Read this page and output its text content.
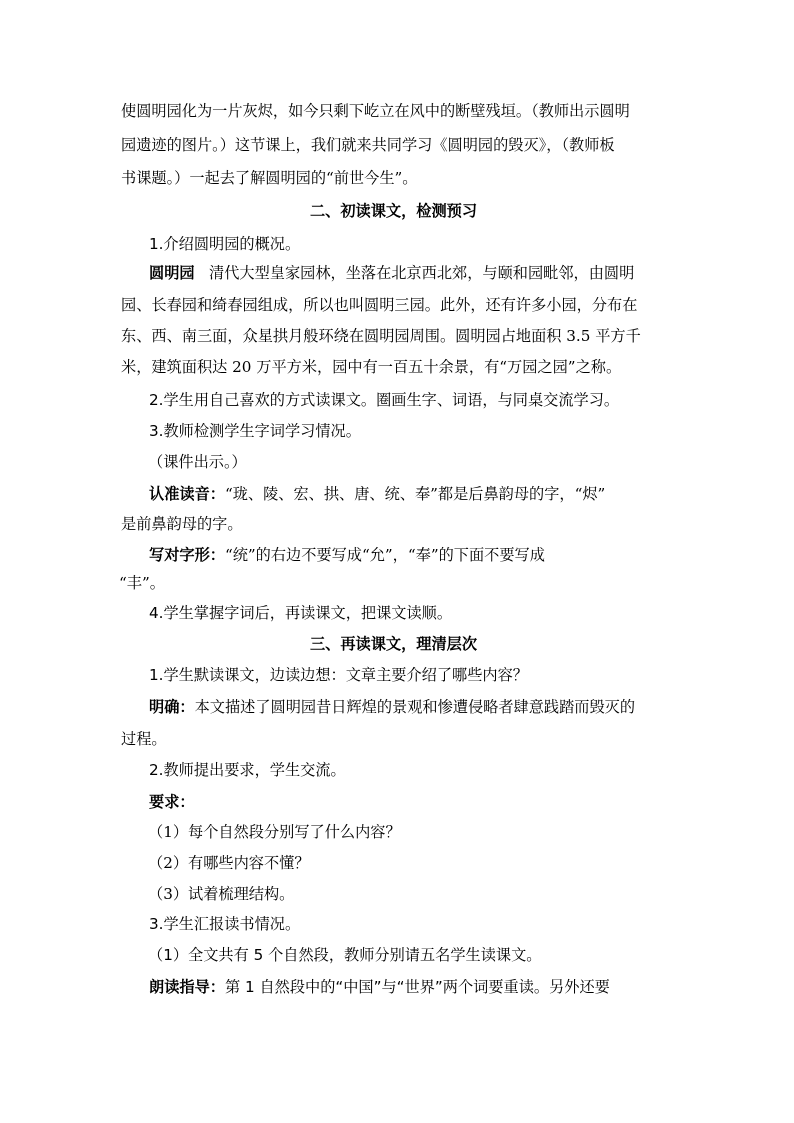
使圆明园化为一片灰烬，如今只剩下屹立在风中的断壁残垣。（教师出示圆明
园遗迹的图片。）这节课上，我们就来共同学习《圆明园的毁灭》，（教师板
书课题。）一起去了解圆明园的“前世今生”。
二、初读课文，检测预习
1.介绍圆明园的概况。
圆明园 清代大型皇家园林，坐落在北京西北郊，与颐和园毗邻，由圆明
园、长春园和绮春园组成，所以也叫圆明三园。此外，还有许多小园，分布在
东、西、南三面，众星拱月般环绕在圆明园周围。圆明园占地面积 3.5 平方千
米，建筑面积达 20 万平方米，园中有一百五十余景，有“万园之园”之称。
2.学生用自己喜欢的方式读课文。圈画生字、词语，与同桌交流学习。
3.教师检测学生字词学习情况。
（课件出示。）
认准读音：“珑、陵、宏、拱、唐、统、奉”都是后鼻韵母的字，“烬”
是前鼻韵母的字。
写对字形：“统”的右边不要写成“允”，“奉”的下面不要写成
“丰”。
4.学生掌握字词后，再读课文，把课文读顺。
三、再读课文，理清层次
1.学生默读课文，边读边想：文章主要介绍了哪些内容？
明确：本文描述了圆明园昔日辉煌的景观和惨遭侵略者肆意践踏而毁灭的
过程。
2.教师提出要求，学生交流。
要求：
（1）每个自然段分别写了什么内容？
（2）有哪些内容不懂？
（3）试着梳理结构。
3.学生汇报读书情况。
（1）全文共有 5 个自然段，教师分别请五名学生读课文。
朗读指导：第 1 自然段中的“中国”与“世界”两个词要重读。另外还要
